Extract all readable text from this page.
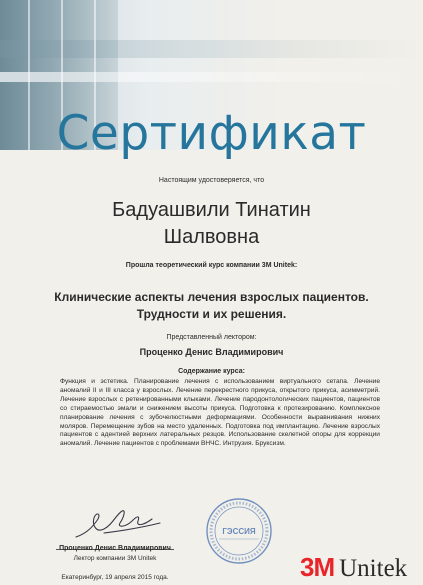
Сертификат

Настоящим удостоверяется, что

Бадуашвили Тинатин

Шалвовна

Прошла теоретический курс компании 3M Unitek:

Клинические аспекты лечения взрослых пациентов.
Трудности и их решения.

Представленный лектором:

Проценко Денис Владимирович

Содержание курса:

Функция и эстетика. Планирование лечения с использованием виртуального сетапа. Лечение аномалий II и III класса у взрослых. Лечение перекрестного прикуса, открытого прикуса, асимметрий. Лечение взрослых с ретенированными клыками. Лечение пародонтологических пациентов, пациентов со стираемостью эмали и снижением высоты прикуса. Подготовка к протезированию. Комплексное планирование лечения с зубочелюстными деформациями. Особенности выравнивания нижних моляров. Перемещение зубов на место удаленных. Подготовка под имплантацию. Лечение взрослых пациентов с адентией верхних латеральных резцов. Использование скелетной опоры для коррекции аномалий. Лечение пациентов с проблемами ВНЧС. Интрузия. Бруксизм.

Проценко Денис Владимирович
Лектор компании 3M Unitek
Екатеринбург, 19 апреля 2015 года.
ГЭССИЯ
3M Unitek
